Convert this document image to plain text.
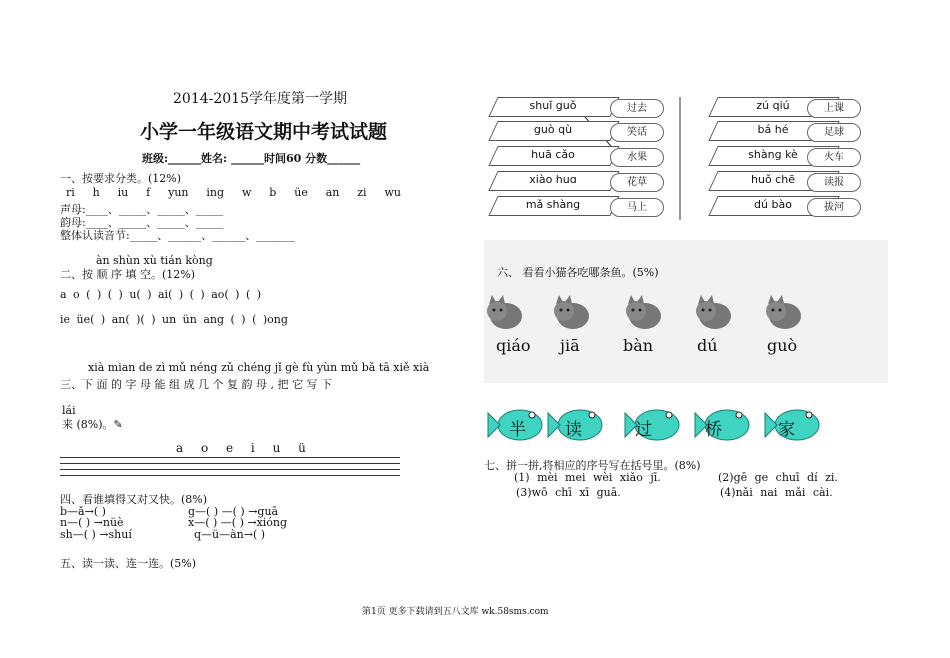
2014-2015学年度第一学期
小学一年级语文期中考试试题
班级:______姓名: ______时间60 分数______
一、按要求分类。(12%)
ri h iu f yun ing w b üe an zi wu
声母:____、_____、_____、_____
韵母:____、_____、_____、_____
整体认读音节:_____、______、______、_______
àn shùn xù tián kòng
二、按 顺 序 填 空。(12%)
a o ( ) ( ) u( ) ai( ) ( ) ao( ) ( )
ie üe( ) an( )( ) un ün ang ( ) ( )ong
xià mian de zì mǔ néng zǔ chéng jǐ gè fù yùn mǔ bǎ tā xiě xià
三、下 面 的 字 母 能 组 成 几 个 复 韵 母 , 把 它 写 下
lái
来 (8%)。✎
a o e i u ü
四、看谁填得又对又快。(8%)
b—ǎ→( )	g—( ) —( ) →guā
n—( ) →nüè	x—( ) —( ) →xióng
sh—( ) →shuí	q—ü—àn→( )
五、读一读、连一连。(5%)
shuǐ guǒ
guò qù
huā cǎo
xiào huɑ
mǎ shàng
过去
笑话
水果
花草
马上
zú qiú
bá hé
shàng kè
huǒ chē
dú bào
上课
足球
火车
读报
拔河
六、 看看小猫各吃哪条鱼。(5%)
qiáo jiā	bàn	dú	guò
半 读	过	桥	家
七、拼一拼,将相应的序号写在括号里。(8%)
(1) mèi mei wèi xiǎo jī.	(2)gē ge chuī dí zi.
(3)wō chī xī guā.	(4)nǎi nai mǎi cài.
第1页 更多下载请到五八文库 wk.58sms.com
